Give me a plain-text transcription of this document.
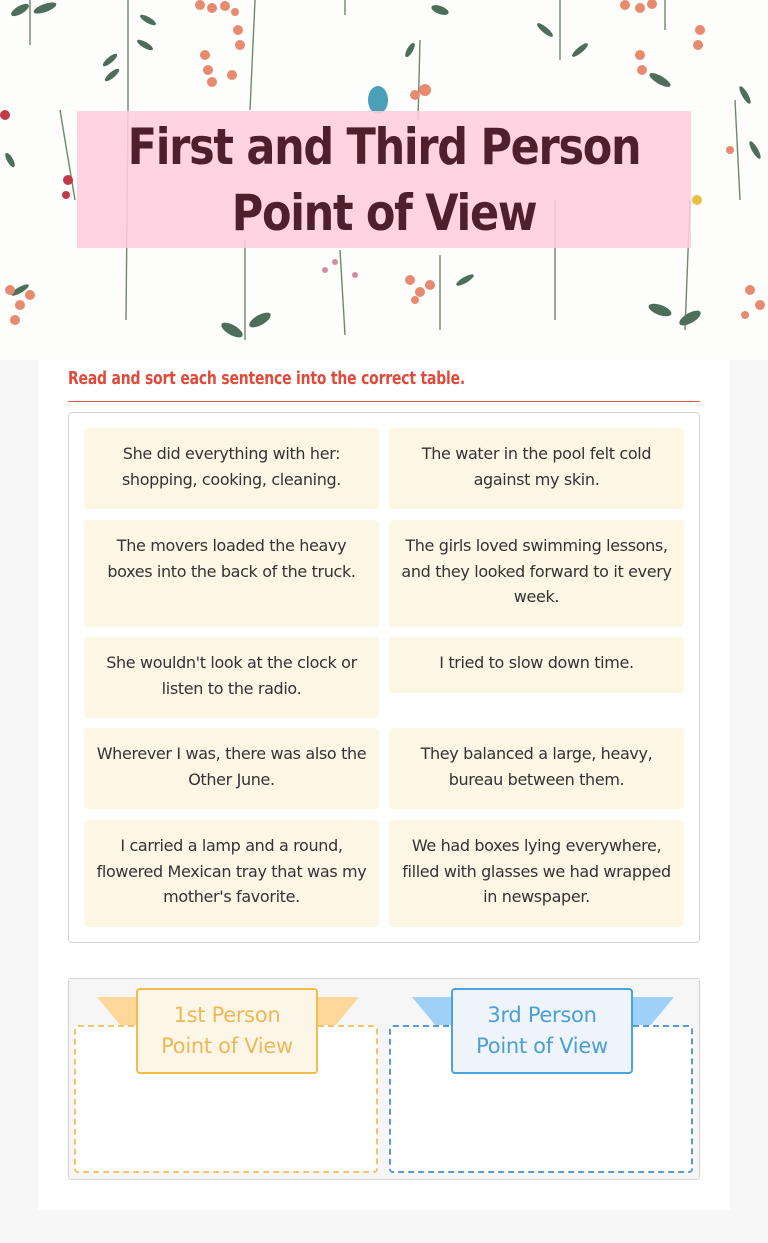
First and Third Person Point of View
Read and sort each sentence into the correct table.
She did everything with her: shopping, cooking, cleaning.
The water in the pool felt cold against my skin.
The movers loaded the heavy boxes into the back of the truck.
The girls loved swimming lessons, and they looked forward to it every week.
She wouldn't look at the clock or listen to the radio.
I tried to slow down time.
Wherever I was, there was also the Other June.
They balanced a large, heavy, bureau between them.
I carried a lamp and a round, flowered Mexican tray that was my mother's favorite.
We had boxes lying everywhere, filled with glasses we had wrapped in newspaper.
1st Person
Point of View
3rd Person
Point of View
